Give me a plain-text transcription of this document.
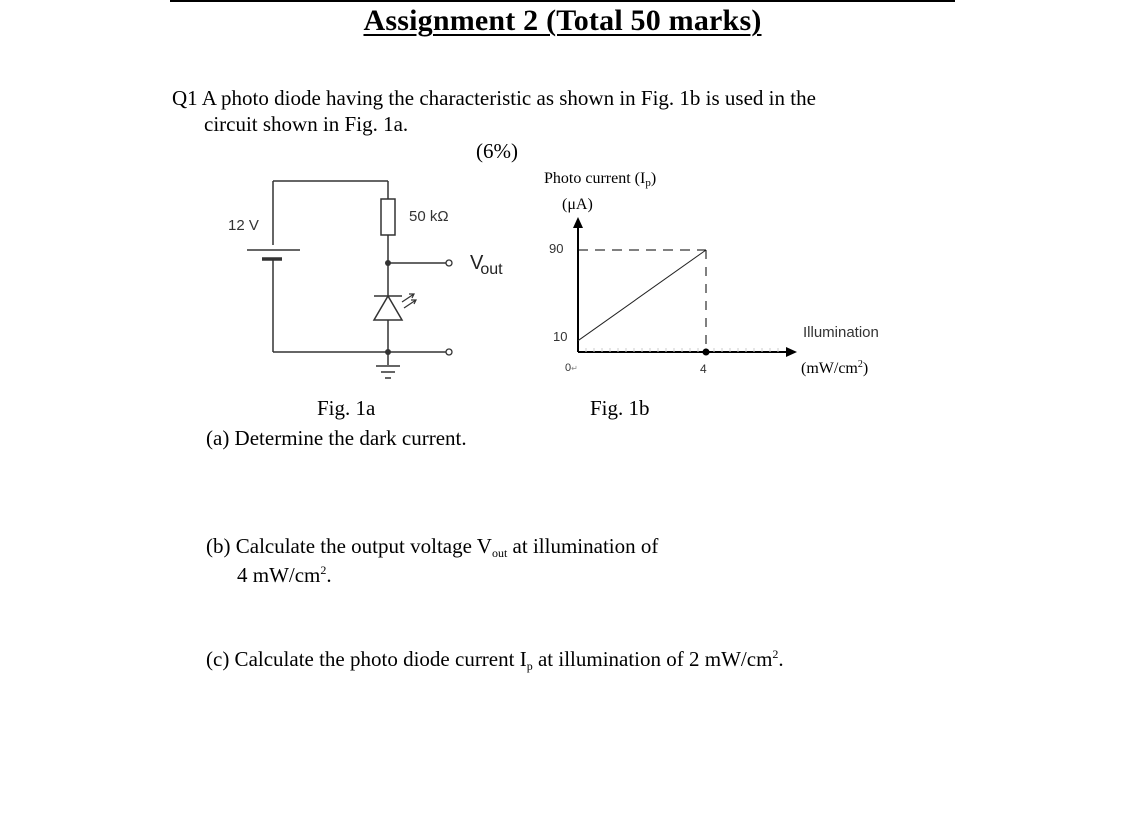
Assignment 2 (Total 50 marks)
Q1 A photo diode having the characteristic as shown in Fig. 1b is used in the
circuit shown in Fig. 1a.
(6%)
12 V
50 kΩ
$V_{out}$
Fig. 1a
Photo current $(I_p)$
(μA)
90
10
0↵	4
Illumination
$(mW/cm^2)$
Fig. 1b
(a) Determine the dark current.
(b) Calculate the output voltage $V_{out}$ at illumination of
4 $mW/cm^2$.
(c) Calculate the photo diode current $I_p$ at illumination of 2 $mW/cm^2$.
